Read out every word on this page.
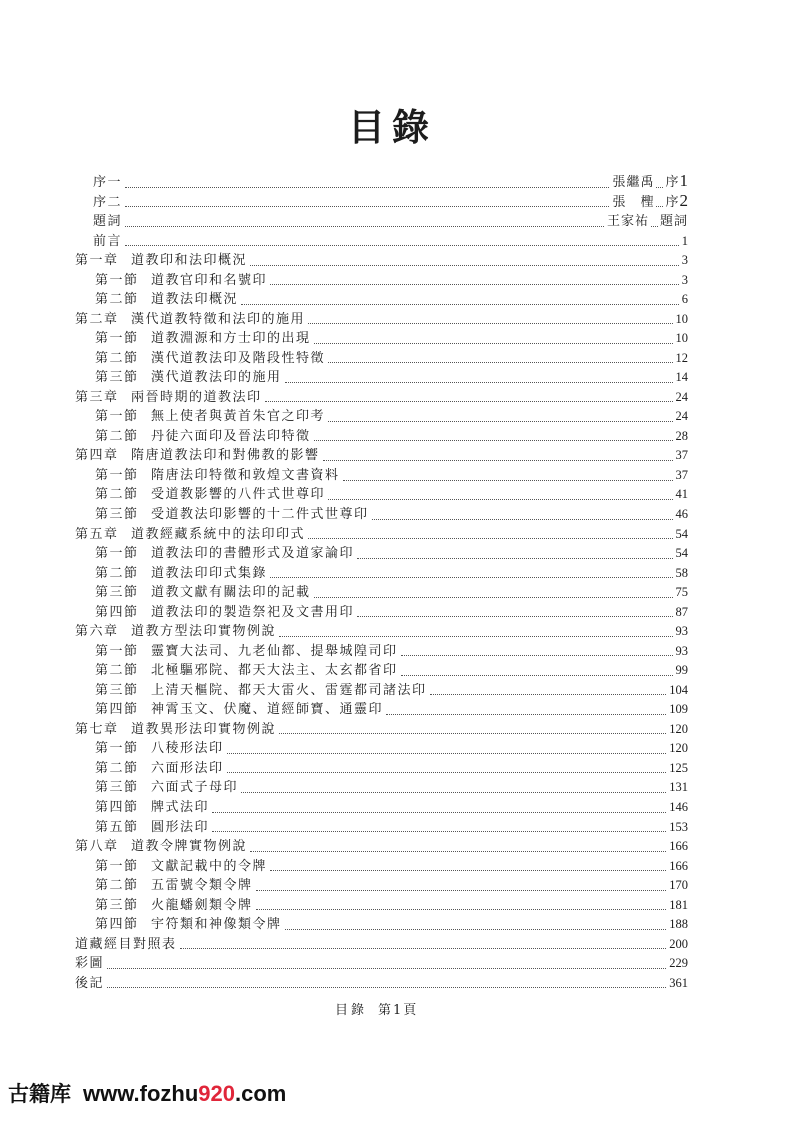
目錄
序一	張繼禹 序1
序二	張　檉 序2
題詞	王家祐 題詞
前言	1
第一章 道教印和法印概況	3
第一節 道教官印和名號印	3
第二節 道教法印概況	6
第二章 漢代道教特徵和法印的施用	10
第一節 道教淵源和方士印的出現	10
第二節 漢代道教法印及階段性特徵	12
第三節 漢代道教法印的施用	14
第三章 兩晉時期的道教法印	24
第一節 無上使者與黃首朱官之印考	24
第二節 丹徒六面印及晉法印特徵	28
第四章 隋唐道教法印和對佛教的影響	37
第一節 隋唐法印特徵和敦煌文書資料	37
第二節 受道教影響的八件式世尊印	41
第三節 受道教法印影響的十二件式世尊印	46
第五章 道教經藏系統中的法印印式	54
第一節 道教法印的書體形式及道家論印	54
第二節 道教法印印式集錄	58
第三節 道教文獻有關法印的記載	75
第四節 道教法印的製造祭祀及文書用印	87
第六章 道教方型法印實物例說	93
第一節 靈寶大法司、九老仙都、提舉城隍司印	93
第二節 北極驅邪院、都天大法主、太玄都省印	99
第三節 上清天樞院、都天大雷火、雷霆都司諸法印	104
第四節 神霄玉文、伏魔、道經師寶、通靈印	109
第七章 道教異形法印實物例說	120
第一節 八稜形法印	120
第二節 六面形法印	125
第三節 六面式子母印	131
第四節 牌式法印	146
第五節 圓形法印	153
第八章 道教令牌實物例說	166
第一節 文獻記載中的令牌	166
第二節 五雷號令類令牌	170
第三節 火龍蟠劍類令牌	181
第四節 宇符類和神像類令牌	188
道藏經目對照表	200
彩圖	229
後記	361
目錄 第1頁
古籍库 www.fozhu920.com
